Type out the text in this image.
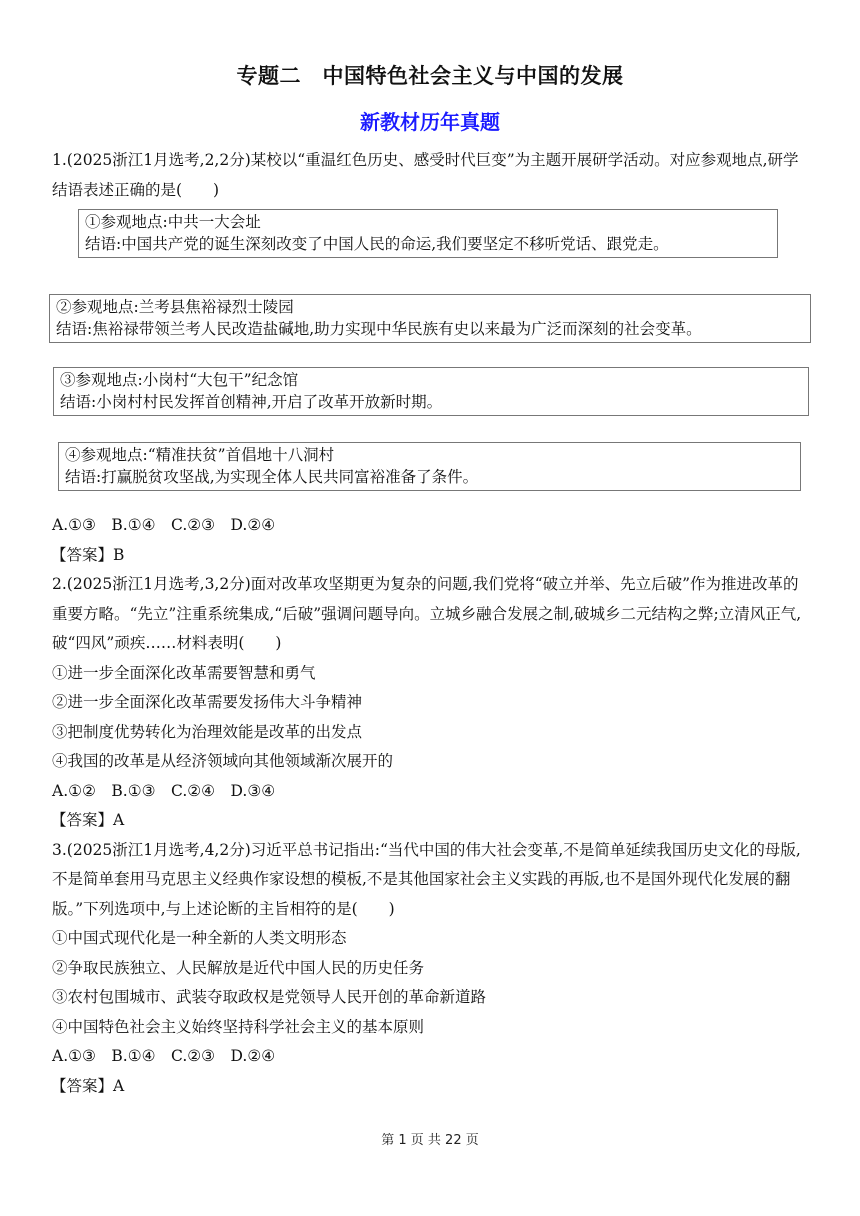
专题二　中国特色社会主义与中国的发展
新教材历年真题
1.(2025浙江1月选考,2,2分)某校以“重温红色历史、感受时代巨变”为主题开展研学活动。对应参观地点,研学结语表述正确的是(　　)
①参观地点:中共一大会址
结语:中国共产党的诞生深刻改变了中国人民的命运,我们要坚定不移听党话、跟党走。
②参观地点:兰考县焦裕禄烈士陵园
结语:焦裕禄带领兰考人民改造盐碱地,助力实现中华民族有史以来最为广泛而深刻的社会变革。
③参观地点:小岗村“大包干”纪念馆
结语:小岗村村民发挥首创精神,开启了改革开放新时期。
④参观地点:“精准扶贫”首倡地十八洞村
结语:打赢脱贫攻坚战,为实现全体人民共同富裕准备了条件。
A.①③　B.①④　C.②③　D.②④
【答案】B
2.(2025浙江1月选考,3,2分)面对改革攻坚期更为复杂的问题,我们党将“破立并举、先立后破”作为推进改革的重要方略。“先立”注重系统集成,“后破”强调问题导向。立城乡融合发展之制,破城乡二元结构之弊;立清风正气,破“四风”顽疾……材料表明(　　)
①进一步全面深化改革需要智慧和勇气
②进一步全面深化改革需要发扬伟大斗争精神
③把制度优势转化为治理效能是改革的出发点
④我国的改革是从经济领域向其他领域渐次展开的
A.①②　B.①③　C.②④　D.③④
【答案】A
3.(2025浙江1月选考,4,2分)习近平总书记指出:“当代中国的伟大社会变革,不是简单延续我国历史文化的母版,不是简单套用马克思主义经典作家设想的模板,不是其他国家社会主义实践的再版,也不是国外现代化发展的翻版。”下列选项中,与上述论断的主旨相符的是(　　)
①中国式现代化是一种全新的人类文明形态
②争取民族独立、人民解放是近代中国人民的历史任务
③农村包围城市、武装夺取政权是党领导人民开创的革命新道路
④中国特色社会主义始终坚持科学社会主义的基本原则
A.①③　B.①④　C.②③　D.②④
【答案】A
第 1 页 共 22 页
